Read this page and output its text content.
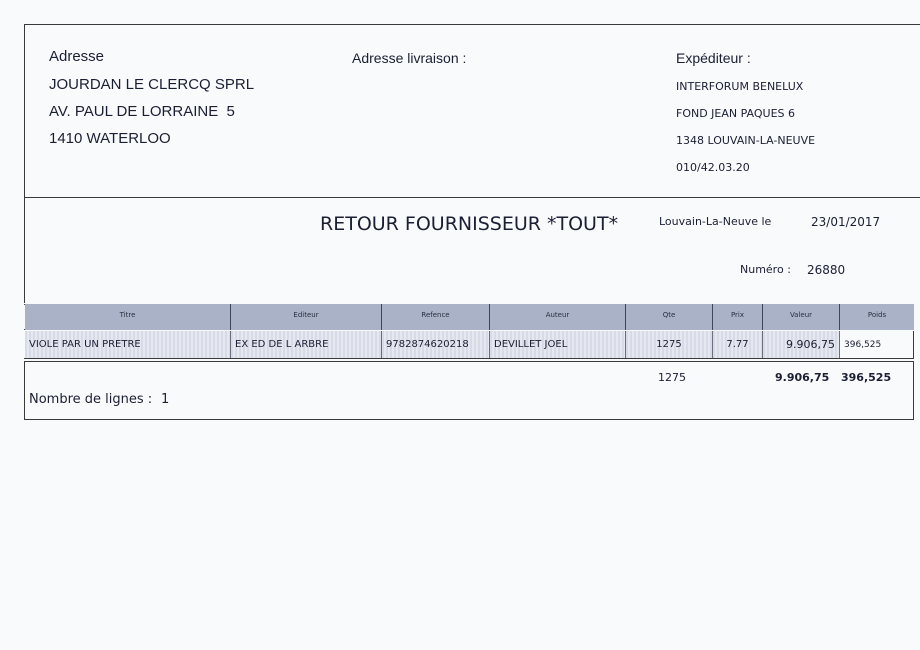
Adresse
JOURDAN LE CLERCQ SPRL
AV. PAUL DE LORRAINE  5
1410 WATERLOO
Adresse livraison :	Expéditeur :
INTERFORUM BENELUX
FOND JEAN PAQUES 6
1348 LOUVAIN-LA-NEUVE
010/42.03.20
RETOUR FOURNISSEUR *TOUT*	Louvain-La-Neuve le	23/01/2017
Numéro : 26880
Titre	Editeur	Refence	Auteur	Qte	Prix	Valeur	Poids
VIOLE PAR UN PRETRE	EX ED DE L ARBRE	9782874620218	DEVILLET JOEL	1275	7.77	9.906,75	396,525
1275	9.906,75 396,525
Nombre de lignes : 1
